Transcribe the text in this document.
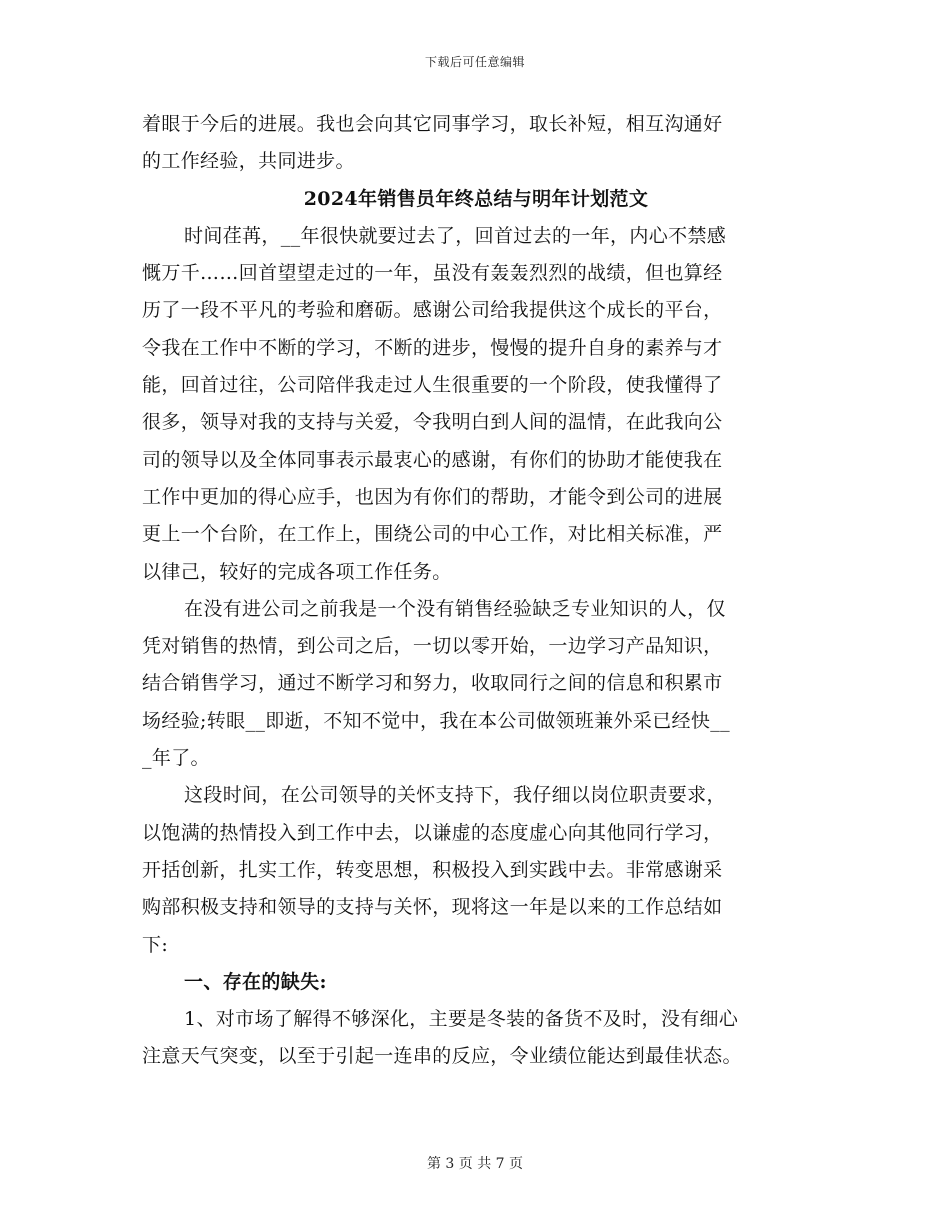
下载后可任意编辑
着眼于今后的进展。我也会向其它同事学习，取长补短，相互沟通好
的工作经验，共同进步。
2024年销售员年终总结与明年计划范文
时间荏苒，__年很快就要过去了，回首过去的一年，内心不禁感
慨万千……回首望望走过的一年，虽没有轰轰烈烈的战绩，但也算经
历了一段不平凡的考验和磨砺。感谢公司给我提供这个成长的平台，
令我在工作中不断的学习，不断的进步，慢慢的提升自身的素养与才
能，回首过往，公司陪伴我走过人生很重要的一个阶段，使我懂得了
很多，领导对我的支持与关爱，令我明白到人间的温情，在此我向公
司的领导以及全体同事表示最衷心的感谢，有你们的协助才能使我在
工作中更加的得心应手，也因为有你们的帮助，才能令到公司的进展
更上一个台阶，在工作上，围绕公司的中心工作，对比相关标准，严
以律己，较好的完成各项工作任务。
在没有进公司之前我是一个没有销售经验缺乏专业知识的人，仅
凭对销售的热情，到公司之后，一切以零开始，一边学习产品知识，
结合销售学习，通过不断学习和努力，收取同行之间的信息和积累市
场经验;转眼__即逝，不知不觉中，我在本公司做领班兼外采已经快__
_年了。
这段时间，在公司领导的关怀支持下，我仔细以岗位职责要求，
以饱满的热情投入到工作中去，以谦虚的态度虚心向其他同行学习，
开括创新，扎实工作，转变思想，积极投入到实践中去。非常感谢采
购部积极支持和领导的支持与关怀，现将这一年是以来的工作总结如
下:
一、存在的缺失:
1、对市场了解得不够深化，主要是冬装的备货不及时，没有细心
注意天气突变，以至于引起一连串的反应，令业绩位能达到最佳状态。
第 3 页 共 7 页
